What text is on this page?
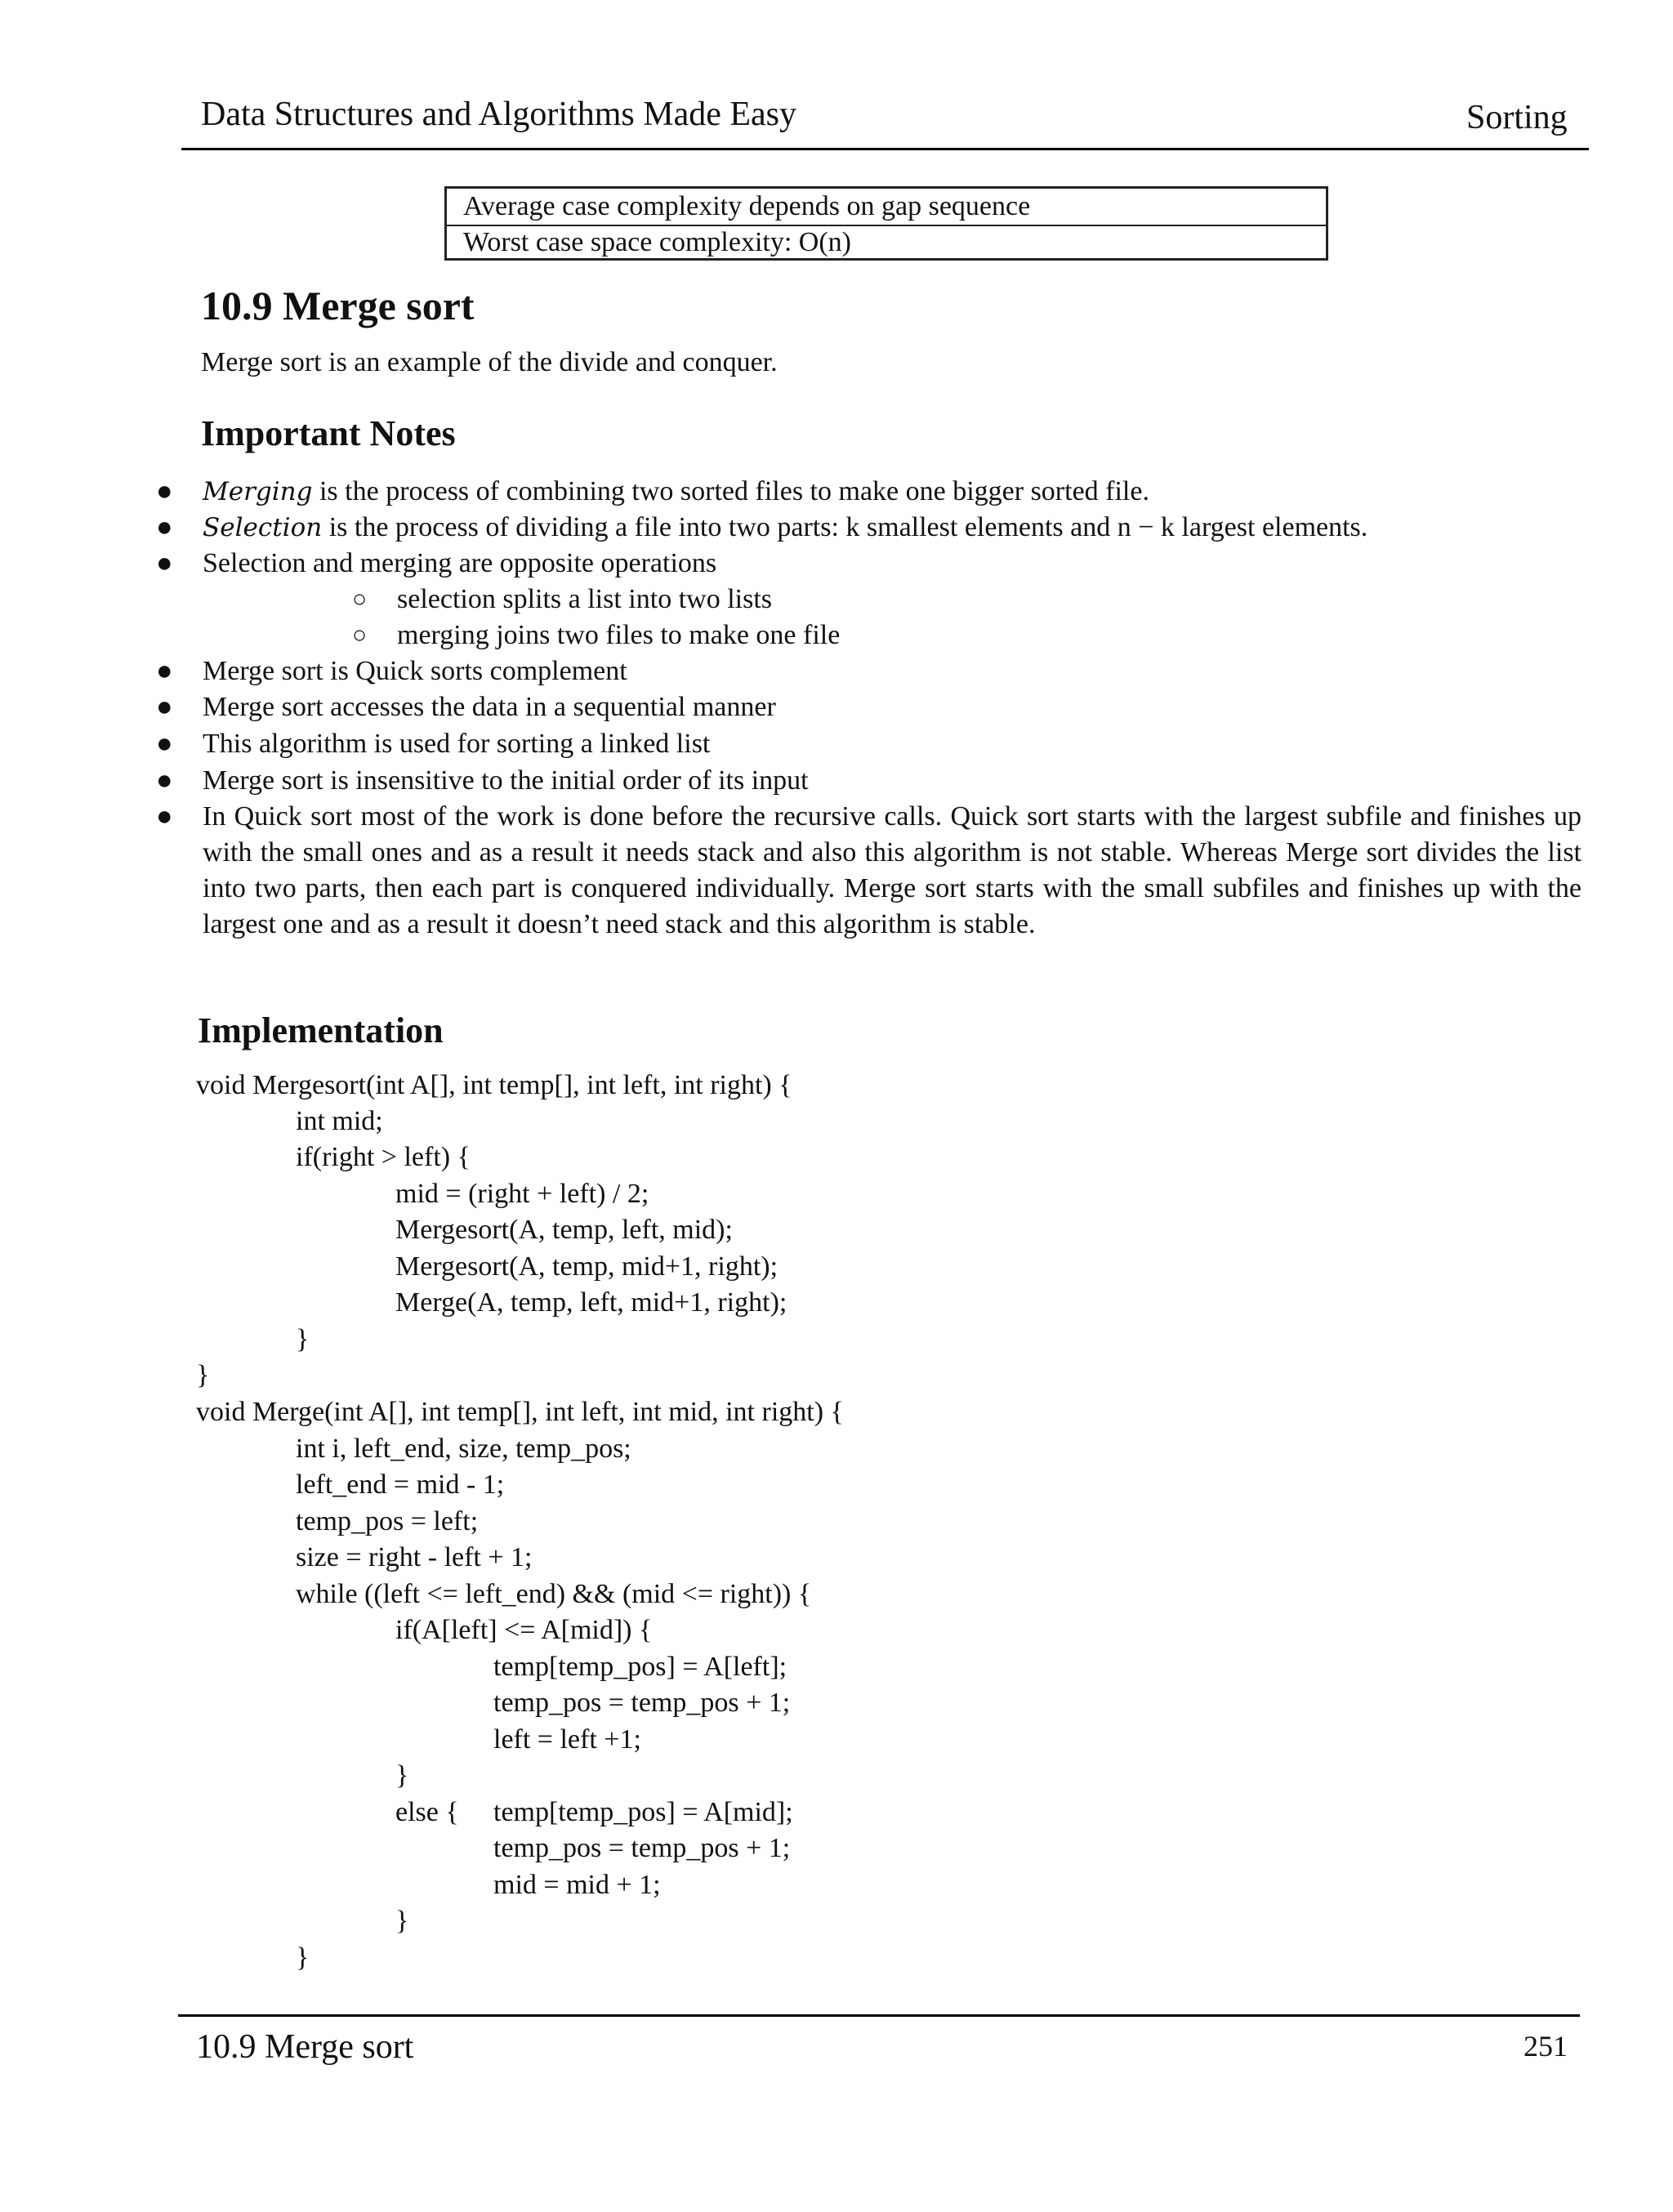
Data Structures and Algorithms Made Easy	Sorting
Average case complexity depends on gap sequence
Worst case space complexity: O(n)
10.9 Merge sort
Merge sort is an example of the divide and conquer.
Important Notes
● Merging is the process of combining two sorted files to make one bigger sorted file.
● Selection is the process of dividing a file into two parts: k smallest elements and n − k largest elements.
● Selection and merging are opposite operations
○ selection splits a list into two lists
○ merging joins two files to make one file
● Merge sort is Quick sorts complement
● Merge sort accesses the data in a sequential manner
● This algorithm is used for sorting a linked list
● Merge sort is insensitive to the initial order of its input
● In Quick sort most of the work is done before the recursive calls. Quick sort starts with the largest subfile and finishes up with the small ones and as a result it needs stack and also this algorithm is not stable. Whereas Merge sort divides the list into two parts, then each part is conquered individually. Merge sort starts with the small subfiles and finishes up with the largest one and as a result it doesn’t need stack and this algorithm is stable.
Implementation
void Mergesort(int A[], int temp[], int left, int right) {
int mid;
if(right > left) {
mid = (right + left) / 2;
Mergesort(A, temp, left, mid);
Mergesort(A, temp, mid+1, right);
Merge(A, temp, left, mid+1, right);
}
}
void Merge(int A[], int temp[], int left, int mid, int right) {
int i, left_end, size, temp_pos;
left_end = mid - 1;
temp_pos = left;
size = right - left + 1;
while ((left <= left_end) && (mid <= right)) {
if(A[left] <= A[mid]) {
temp[temp_pos] = A[left];
temp_pos = temp_pos + 1;
left = left +1;
}
else { temp[temp_pos] = A[mid];
temp_pos = temp_pos + 1;
mid = mid + 1;
}
}
10.9 Merge sort	251
